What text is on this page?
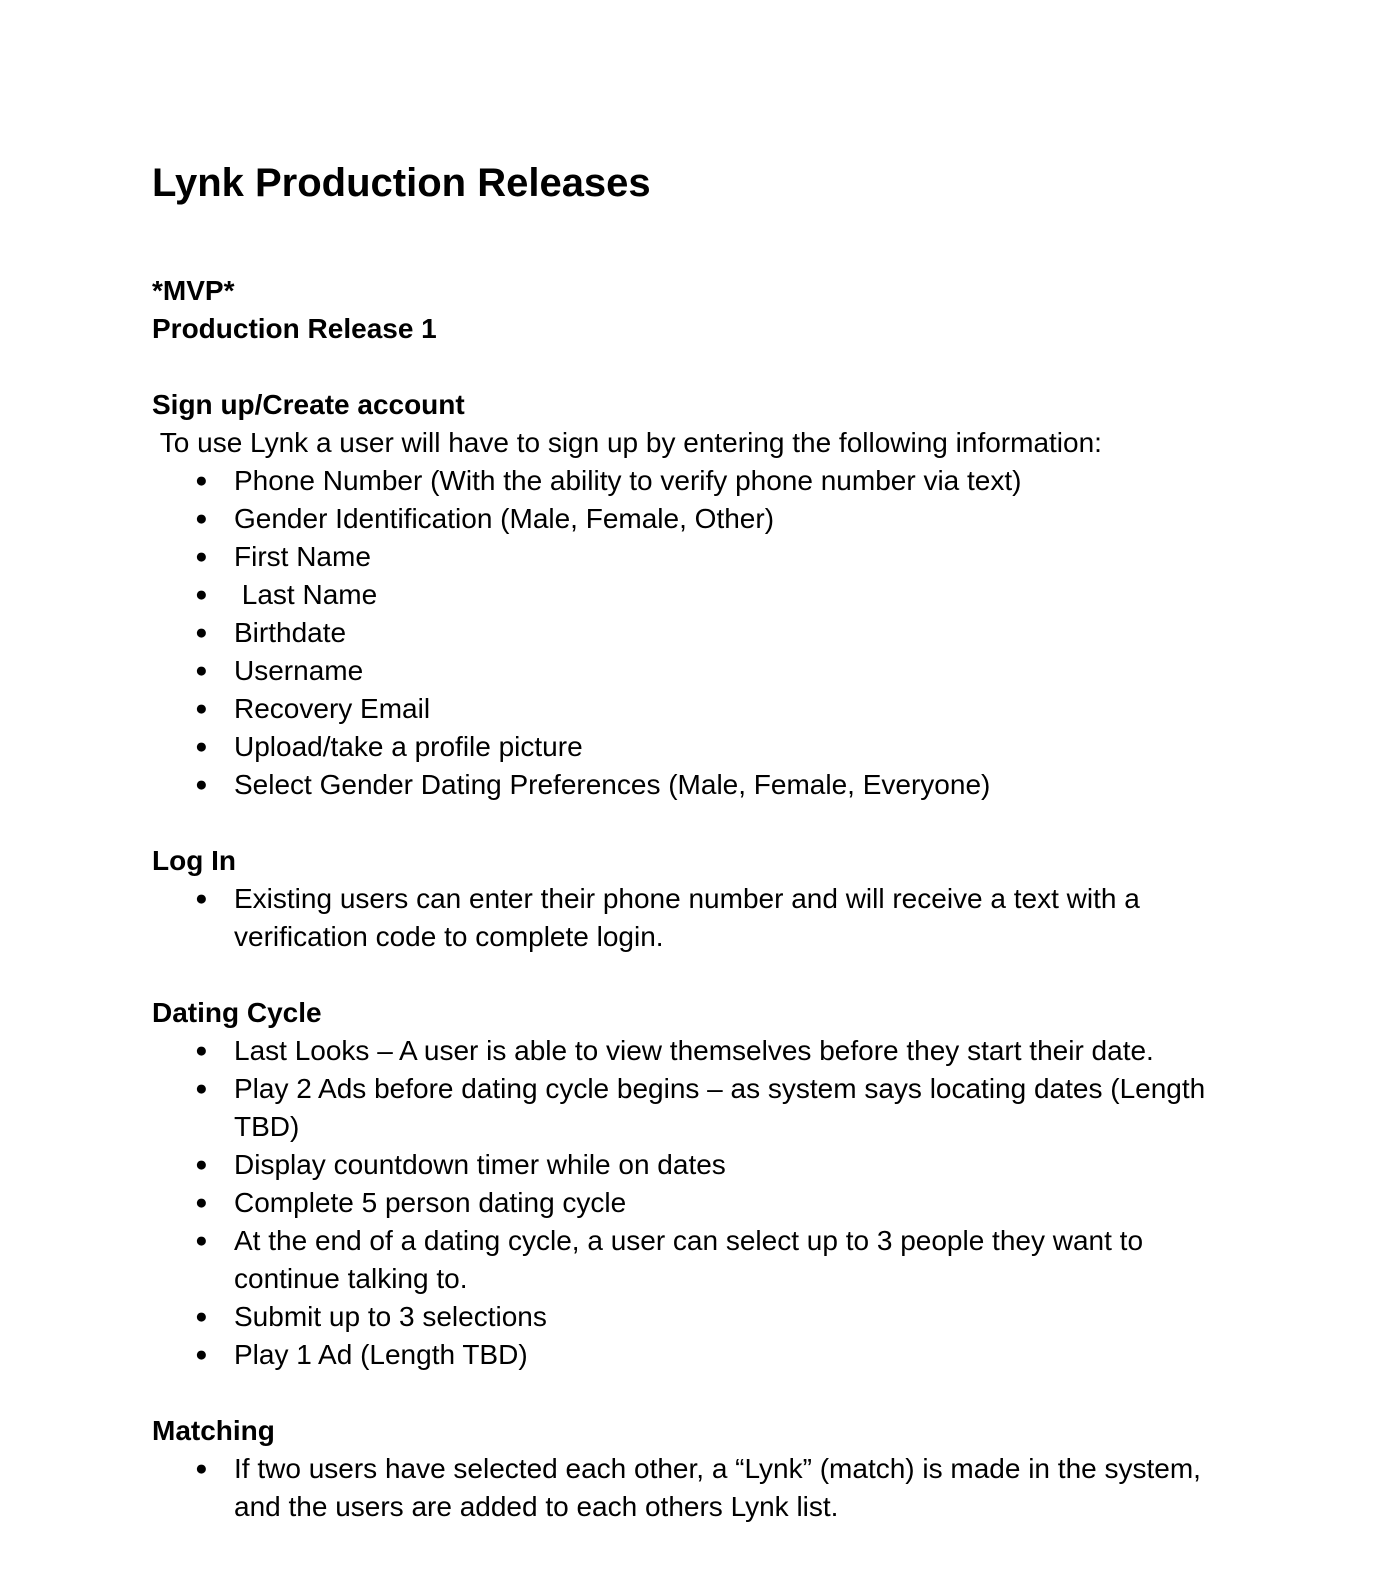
Lynk Production Releases

*MVP*

Production Release 1

Sign up/Create account

To use Lynk a user will have to sign up by entering the following information:

● Phone Number (With the ability to verify phone number via text)
● Gender Identification (Male, Female, Other)
● First Name
● Last Name
● Birthdate
● Username
● Recovery Email
● Upload/take a profile picture
● Select Gender Dating Preferences (Male, Female, Everyone)

Log In

● Existing users can enter their phone number and will receive a text with a verification code to complete login.

Dating Cycle

● Last Looks – A user is able to view themselves before they start their date.
● Play 2 Ads before dating cycle begins – as system says locating dates (Length TBD)
● Display countdown timer while on dates
● Complete 5 person dating cycle
● At the end of a dating cycle, a user can select up to 3 people they want to continue talking to.
● Submit up to 3 selections
● Play 1 Ad (Length TBD)

Matching

● If two users have selected each other, a “Lynk” (match) is made in the system, and the users are added to each others Lynk list.
